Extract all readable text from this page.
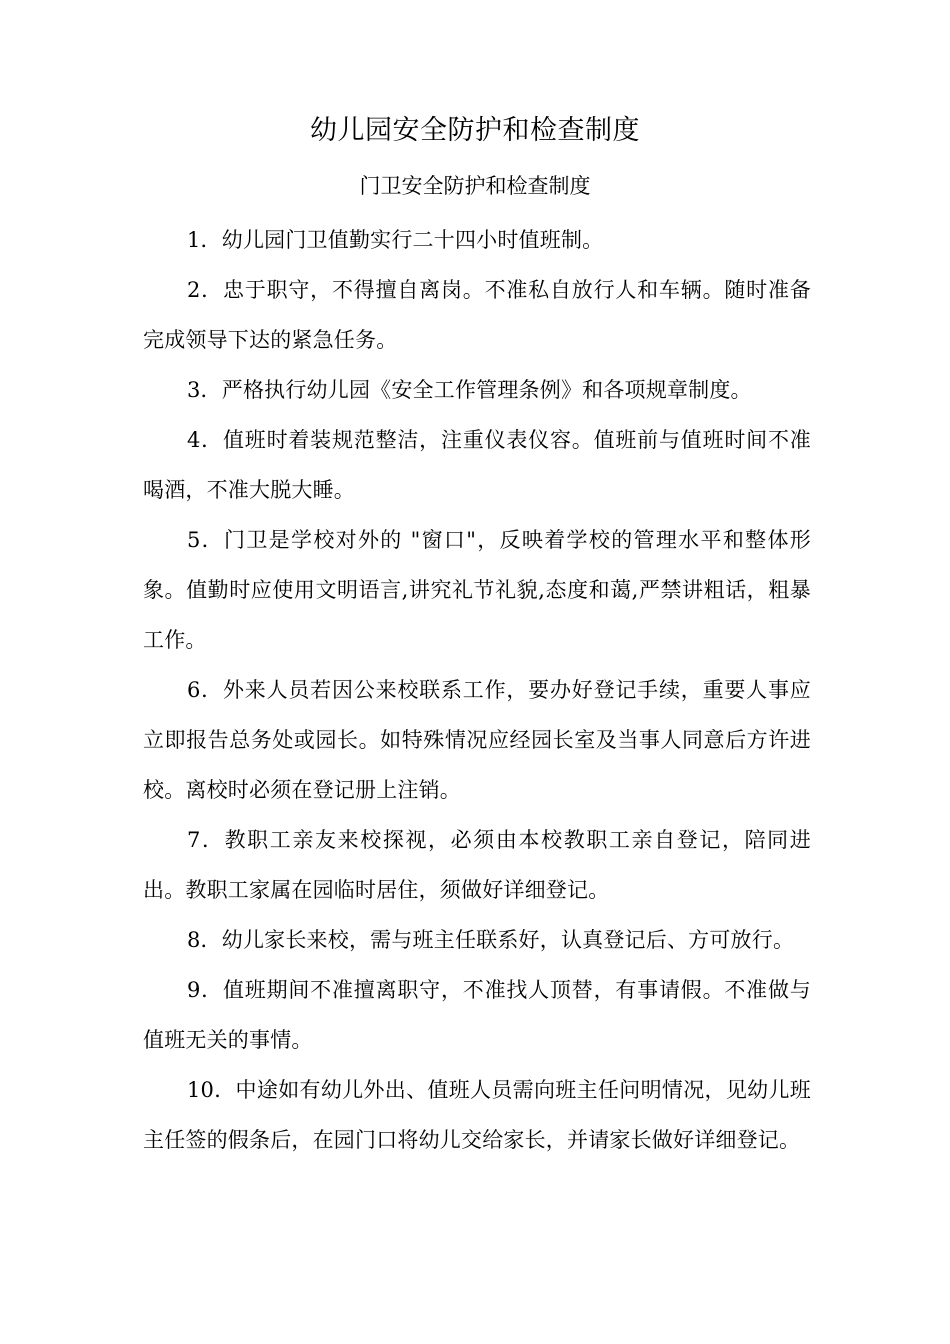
幼儿园安全防护和检查制度
门卫安全防护和检查制度

1．幼儿园门卫值勤实行二十四小时值班制。

2．忠于职守，不得擅自离岗。不准私自放行人和车辆。随时准备完成领导下达的紧急任务。

3．严格执行幼儿园《安全工作管理条例》和各项规章制度。

4．值班时着装规范整洁，注重仪表仪容。值班前与值班时间不准喝酒，不准大脱大睡。

5．门卫是学校对外的 "窗口"，反映着学校的管理水平和整体形象。值勤时应使用文明语言,讲究礼节礼貌,态度和蔼,严禁讲粗话，粗暴工作。

6．外来人员若因公来校联系工作，要办好登记手续，重要人事应立即报告总务处或园长。如特殊情况应经园长室及当事人同意后方许进校。离校时必须在登记册上注销。

7．教职工亲友来校探视，必须由本校教职工亲自登记，陪同进出。教职工家属在园临时居住，须做好详细登记。

8．幼儿家长来校，需与班主任联系好，认真登记后、方可放行。

9．值班期间不准擅离职守，不准找人顶替，有事请假。不准做与值班无关的事情。

10．中途如有幼儿外出、值班人员需向班主任问明情况，见幼儿班主任签的假条后，在园门口将幼儿交给家长，并请家长做好详细登记。
